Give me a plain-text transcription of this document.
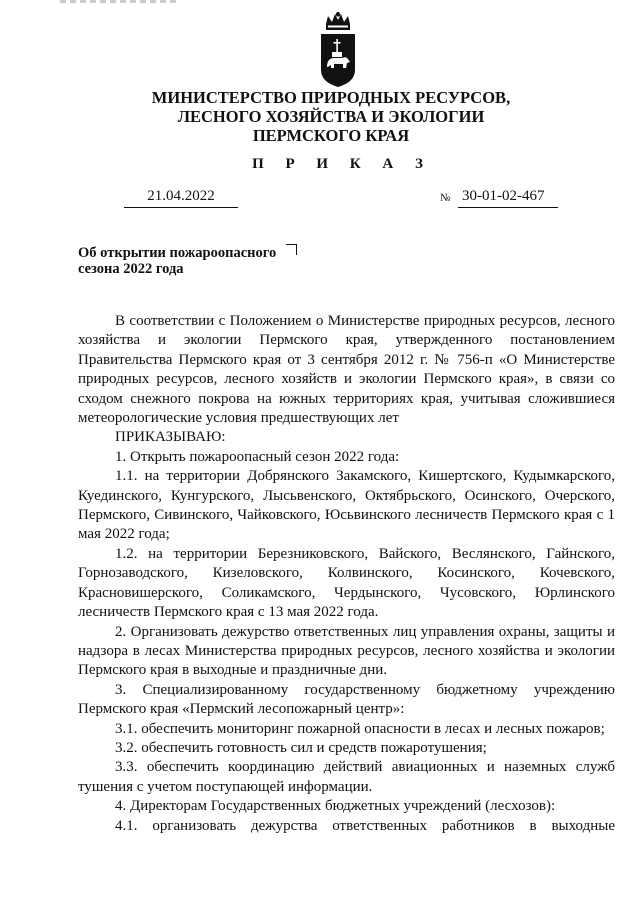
МИНИСТЕРСТВО ПРИРОДНЫХ РЕСУРСОВ,
ЛЕСНОГО ХОЗЯЙСТВА И ЭКОЛОГИИ
ПЕРМСКОГО КРАЯ
П Р И К А З
21.04.2022	№ 30-01-02-467
Об открытии пожароопасного
сезона 2022 года

В соответствии с Положением о Министерстве природных ресурсов, лесного хозяйства и экологии Пермского края, утвержденного постановлением Правительства Пермского края от 3 сентября 2012 г. № 756-п «О Министерстве природных ресурсов, лесного хозяйств и экологии Пермского края», в связи со сходом снежного покрова на южных территориях края, учитывая сложившиеся метеорологические условия предшествующих лет

ПРИКАЗЫВАЮ:

1. Открыть пожароопасный сезон 2022 года:

1.1. на территории Добрянского Закамского, Кишертского, Кудымкарского, Куединского, Кунгурского, Лысьвенского, Октябрьского, Осинского, Очерского, Пермского, Сивинского, Чайковского, Юсьвинского лесничеств Пермского края с 1 мая 2022 года;

1.2. на территории Березниковского, Вайского, Веслянского, Гайнского, Горнозаводского, Кизеловского, Колвинского, Косинского, Кочевского, Красновишерского, Соликамского, Чердынского, Чусовского, Юрлинского лесничеств Пермского края с 13 мая 2022 года.

2. Организовать дежурство ответственных лиц управления охраны, защиты и надзора в лесах Министерства природных ресурсов, лесного хозяйства и экологии Пермского края в выходные и праздничные дни.

3. Специализированному государственному бюджетному учреждению Пермского края «Пермский лесопожарный центр»:

3.1. обеспечить мониторинг пожарной опасности в лесах и лесных пожаров;

3.2. обеспечить готовность сил и средств пожаротушения;

3.3. обеспечить координацию действий авиационных и наземных служб тушения с учетом поступающей информации.

4. Директорам Государственных бюджетных учреждений (лесхозов):

4.1. организовать дежурства ответственных работников в выходные
